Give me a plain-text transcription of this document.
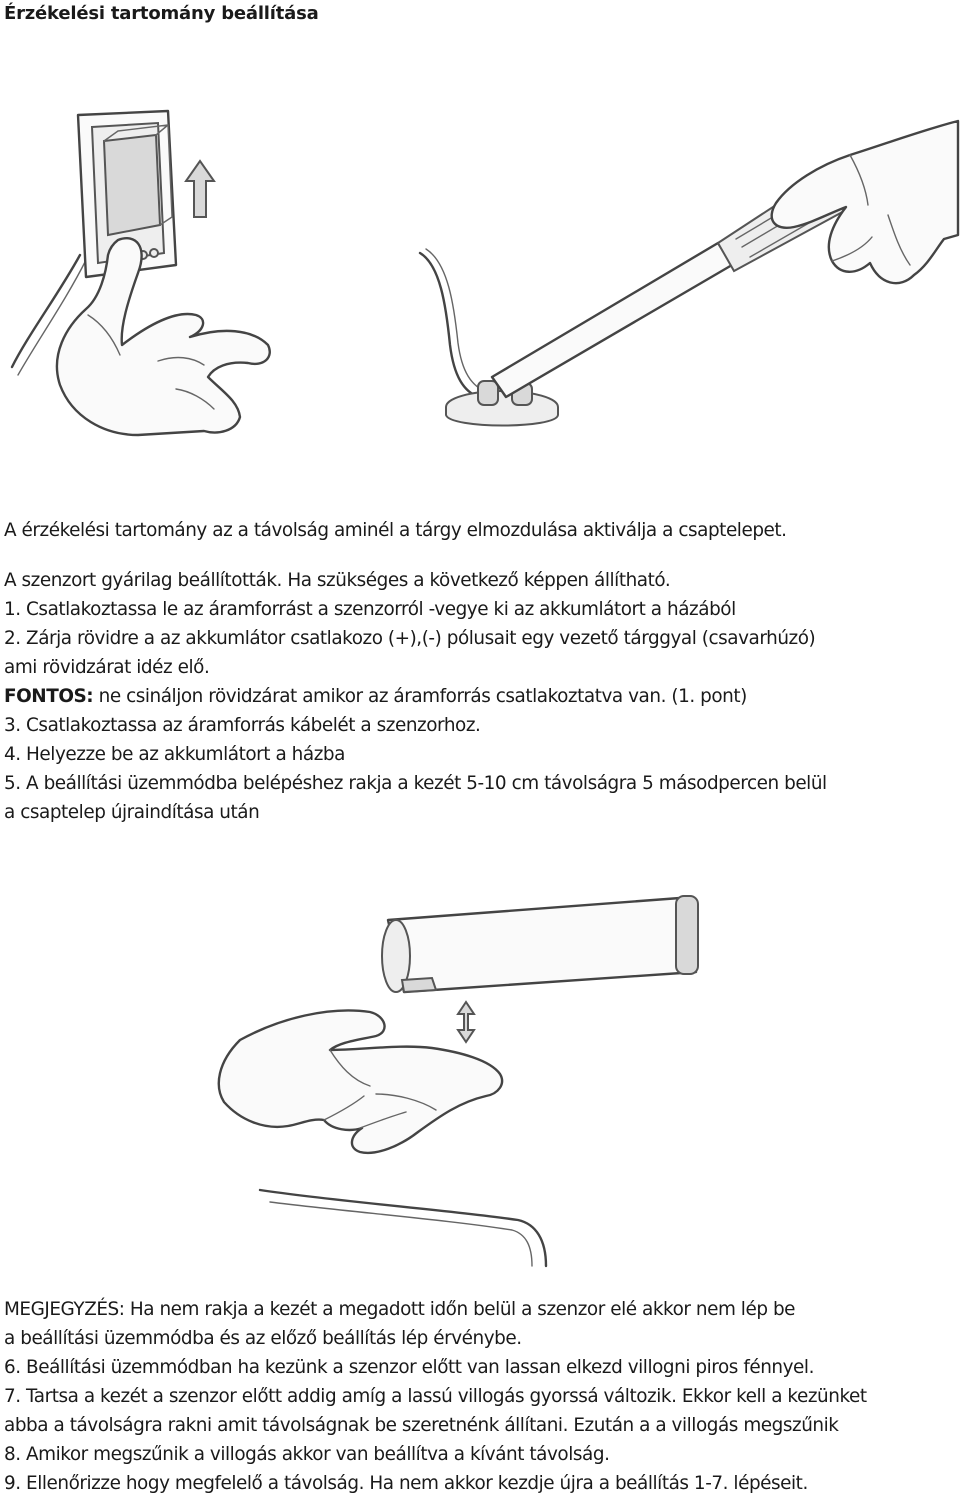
Érzékelési tartomány beállítása
A érzékelési tartomány az a távolság aminél a tárgy elmozdulása aktiválja a csaptelepet.
A szenzort gyárilag beállították. Ha szükséges a következő képpen állítható.
1. Csatlakoztassa le az áramforrást a szenzorról -vegye ki az akkumlátort a házából
2. Zárja rövidre a az akkumlátor csatlakozo (+),(-) pólusait egy vezető tárggyal (csavarhúzó)
ami rövidzárat idéz elő.
FONTOS: ne csináljon rövidzárat amikor az áramforrás csatlakoztatva van. (1. pont)
3. Csatlakoztassa az áramforrás kábelét a szenzorhoz.
4. Helyezze be az akkumlátort a házba
5. A beállítási üzemmódba belépéshez rakja a kezét 5-10 cm távolságra 5 másodpercen belül
a csaptelep újraindítása után
MEGJEGYZÉS: Ha nem rakja a kezét a megadott időn belül a szenzor elé akkor nem lép be
a beállítási üzemmódba és az előző beállítás lép érvénybe.
6. Beállítási üzemmódban ha kezünk a szenzor előtt van lassan elkezd villogni piros fénnyel.
7. Tartsa a kezét a szenzor előtt addig amíg a lassú villogás gyorssá változik. Ekkor kell a kezünket
abba a távolságra rakni amit távolságnak be szeretnénk állítani. Ezután a a villogás megszűnik
8. Amikor megszűnik a villogás akkor van beállítva a kívánt távolság.
9. Ellenőrizze hogy megfelelő a távolság. Ha nem akkor kezdje újra a beállítás 1-7. lépéseit.
